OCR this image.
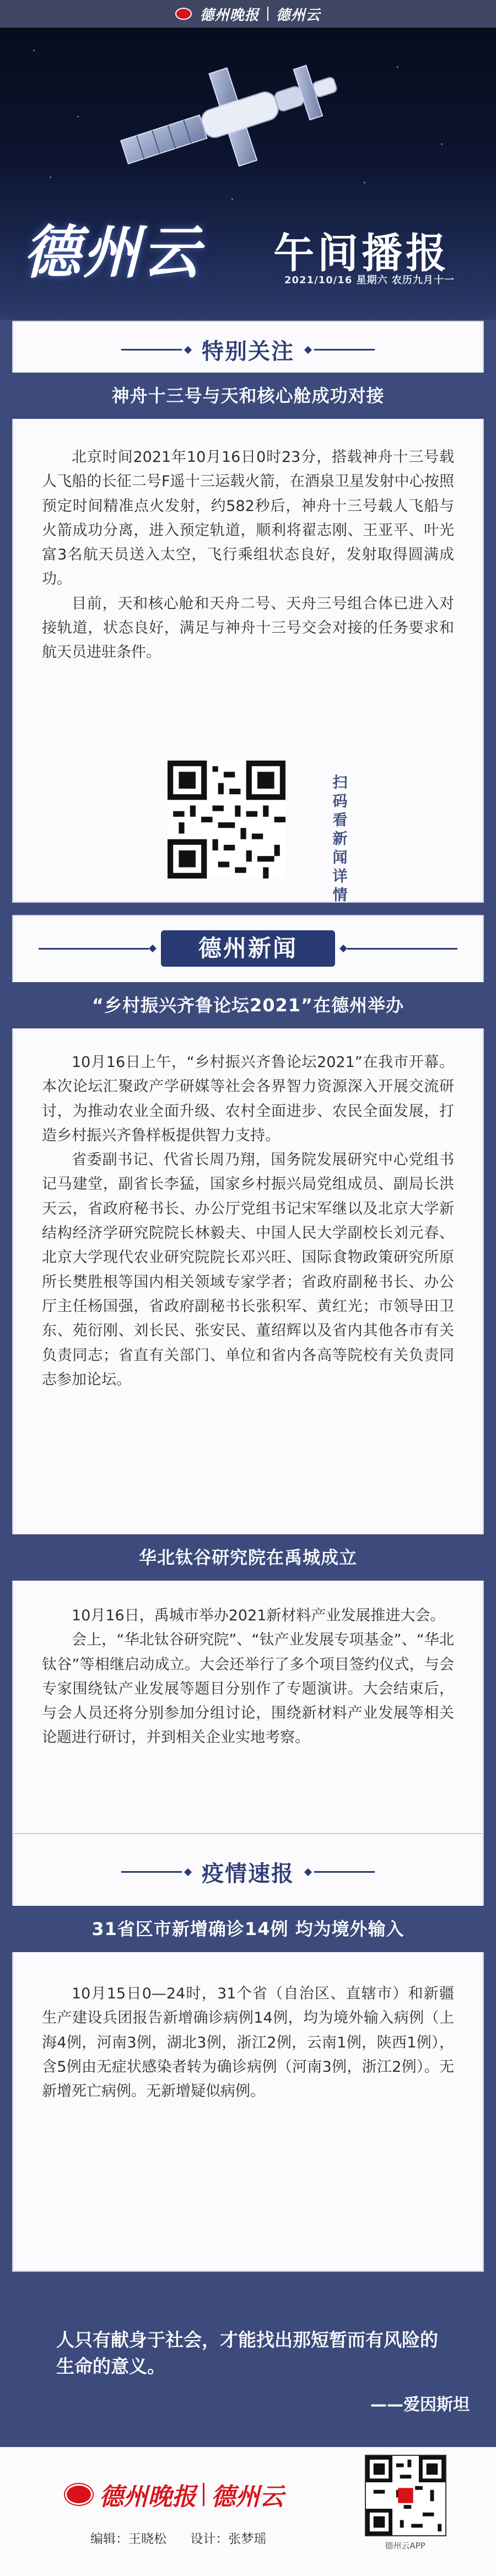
德州晚报 德州云
德州云 午间播报
2021/10/16 星期六 农历九月十一
特别关注
神舟十三号与天和核心舱成功对接

北京时间2021年10月16日0时23分，搭载神舟十三号载人飞船的长征二号F遥十三运载火箭，在酒泉卫星发射中心按照预定时间精准点火发射，约582秒后，神舟十三号载人飞船与火箭成功分离，进入预定轨道，顺利将翟志刚、王亚平、叶光富3名航天员送入太空，飞行乘组状态良好，发射取得圆满成功。

目前，天和核心舱和天舟二号、天舟三号组合体已进入对接轨道，状态良好，满足与神舟十三号交会对接的任务要求和航天员进驻条件。

扫码看新闻详情
德州新闻
“乡村振兴齐鲁论坛2021”在德州举办

10月16日上午，“乡村振兴齐鲁论坛2021”在我市开幕。本次论坛汇聚政产学研媒等社会各界智力资源深入开展交流研讨，为推动农业全面升级、农村全面进步、农民全面发展，打造乡村振兴齐鲁样板提供智力支持。

省委副书记、代省长周乃翔，国务院发展研究中心党组书记马建堂，副省长李猛，国家乡村振兴局党组成员、副局长洪天云，省政府秘书长、办公厅党组书记宋军继以及北京大学新结构经济学研究院院长林毅夫、中国人民大学副校长刘元春、北京大学现代农业研究院院长邓兴旺、国际食物政策研究所原所长樊胜根等国内相关领域专家学者；省政府副秘书长、办公厅主任杨国强，省政府副秘书长张积军、黄红光；市领导田卫东、苑衍刚、刘长民、张安民、董绍辉以及省内其他各市有关负责同志；省直有关部门、单位和省内各高等院校有关负责同志参加论坛。

华北钛谷研究院在禹城成立

10月16日，禹城市举办2021新材料产业发展推进大会。

会上，“华北钛谷研究院”、“钛产业发展专项基金”、“华北钛谷”等相继启动成立。大会还举行了多个项目签约仪式，与会专家围绕钛产业发展等题目分别作了专题演讲。大会结束后，与会人员还将分别参加分组讨论，围绕新材料产业发展等相关论题进行研讨，并到相关企业实地考察。

疫情速报
31省区市新增确诊14例 均为境外输入

10月15日0—24时，31个省（自治区、直辖市）和新疆生产建设兵团报告新增确诊病例14例，均为境外输入病例（上海4例，河南3例，湖北3例，浙江2例，云南1例，陕西1例），含5例由无症状感染者转为确诊病例（河南3例，浙江2例）。无新增死亡病例。无新增疑似病例。

人只有献身于社会，才能找出那短暂而有风险的生命的意义。
——爱因斯坦
德州晚报 德州云
编辑：王晓松 设计：张梦瑶	德州云APP
